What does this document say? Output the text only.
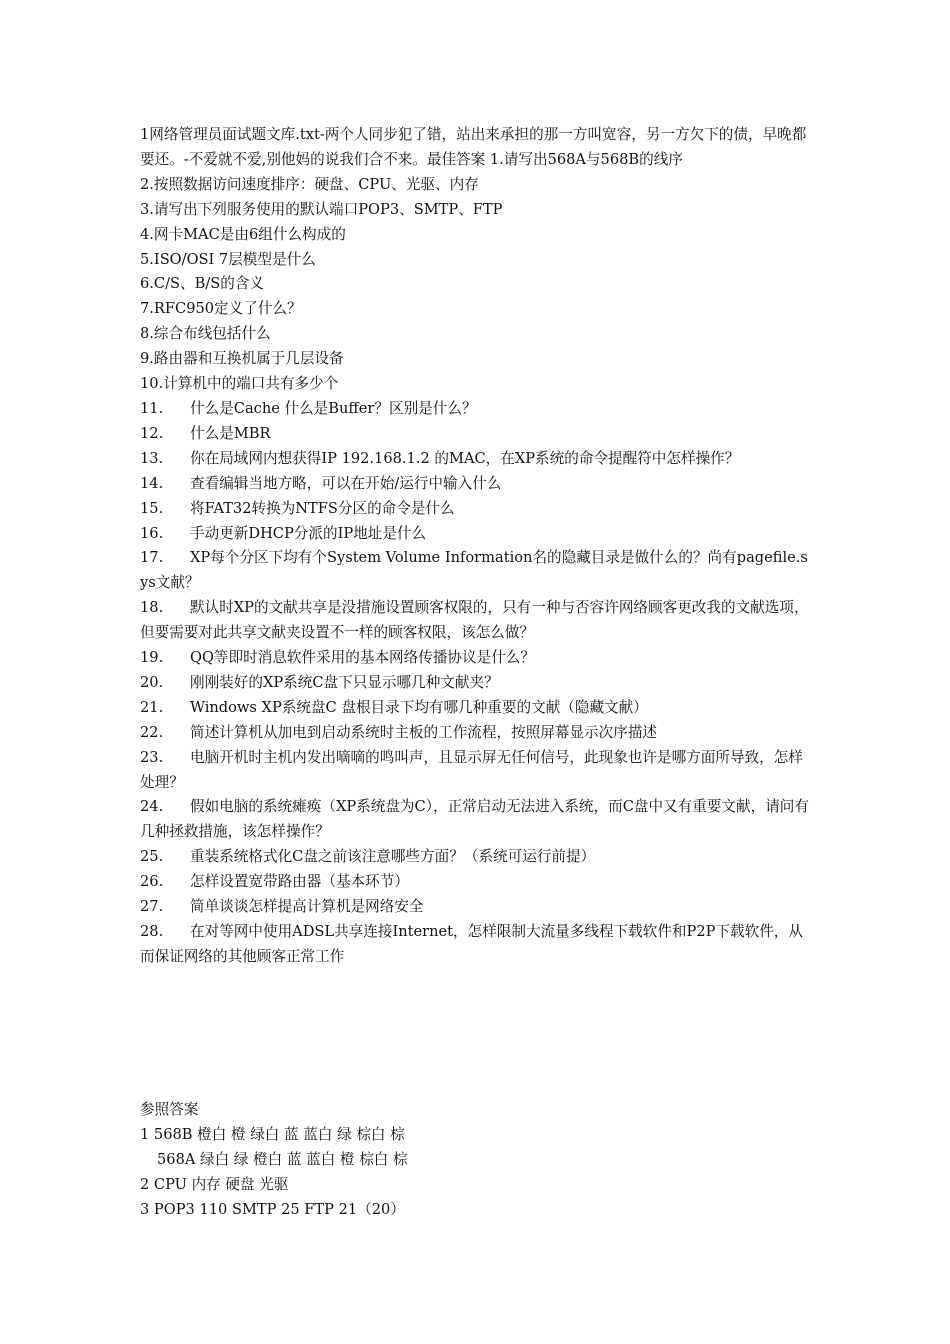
1网络管理员面试题文库.txt-两个人同步犯了错，站出来承担的那一方叫宽容，另一方欠下的债，早晚都要还。-不爱就不爱,别他妈的说我们合不来。最佳答案 1.请写出568A与568B的线序

2.按照数据访问速度排序：硬盘、CPU、光驱、内存

3.请写出下列服务使用的默认端口POP3、SMTP、FTP

4.网卡MAC是由6组什么构成的

5.ISO/OSI 7层模型是什么

6.C/S、B/S的含义

7.RFC950定义了什么？

8.综合布线包括什么

9.路由器和互换机属于几层设备

10.计算机中的端口共有多少个

11. 什么是Cache 什么是Buffer？区别是什么？

12. 什么是MBR

13. 你在局域网内想获得IP 192.168.1.2 的MAC，在XP系统的命令提醒符中怎样操作？

14. 查看编辑当地方略，可以在开始/运行中输入什么

15. 将FAT32转换为NTFS分区的命令是什么

16. 手动更新DHCP分派的IP地址是什么

17. XP每个分区下均有个System Volume Information名的隐藏目录是做什么的？尚有pagefile.sys文献？

18. 默认时XP的文献共享是没措施设置顾客权限的，只有一种与否容许网络顾客更改我的文献选项，但要需要对此共享文献夹设置不一样的顾客权限，该怎么做？

19. QQ等即时消息软件采用的基本网络传播协议是什么？

20. 刚刚装好的XP系统C盘下只显示哪几种文献夹？

21. Windows XP系统盘C 盘根目录下均有哪几种重要的文献（隐藏文献）

22. 简述计算机从加电到启动系统时主板的工作流程，按照屏幕显示次序描述

23. 电脑开机时主机内发出嘀嘀的鸣叫声，且显示屏无任何信号，此现象也许是哪方面所导致，怎样处理？

24. 假如电脑的系统瘫痪（XP系统盘为C），正常启动无法进入系统，而C盘中又有重要文献，请问有几种拯救措施，该怎样操作？

25. 重装系统格式化C盘之前该注意哪些方面？（系统可运行前提）

26. 怎样设置宽带路由器（基本环节）

27. 简单谈谈怎样提高计算机是网络安全

28. 在对等网中使用ADSL共享连接Internet，怎样限制大流量多线程下载软件和P2P下载软件，从而保证网络的其他顾客正常工作

参照答案

1 568B 橙白 橙 绿白 蓝 蓝白 绿 棕白 棕

568A 绿白 绿 橙白 蓝 蓝白 橙 棕白 棕

2 CPU 内存 硬盘 光驱

3 POP3 110 SMTP 25 FTP 21（20）
